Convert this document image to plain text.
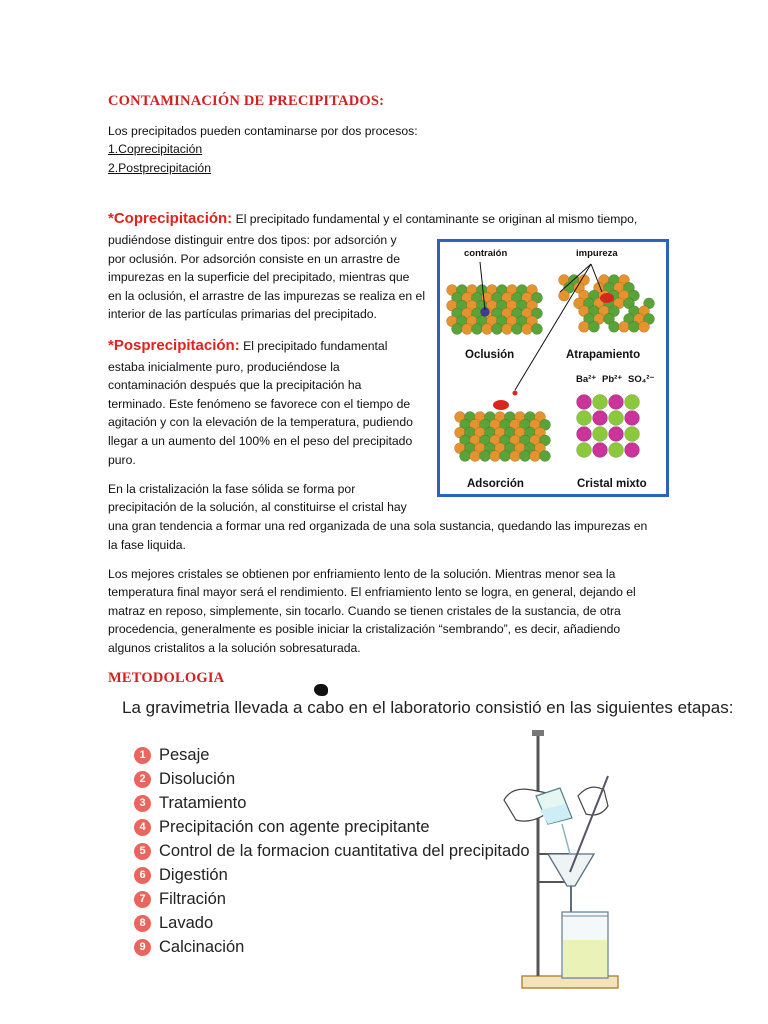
CONTAMINACIÓN DE PRECIPITADOS:
Los precipitados pueden contaminarse por dos procesos:
1.Coprecipitación
2.Postprecipitación
*Coprecipitación: El precipitado fundamental y el contaminante se originan al mismo tiempo,
pudiéndose distinguir entre dos tipos: por adsorción y
por oclusión. Por adsorción consiste en un arrastre de
impurezas en la superficie del precipitado, mientras que
en la oclusión, el arrastre de las impurezas se realiza en el
interior de las partículas primarias del precipitado.
*Posprecipitación: El precipitado fundamental
estaba inicialmente puro, produciéndose la
contaminación después que la precipitación ha
terminado. Este fenómeno se favorece con el tiempo de
agitación y con la elevación de la temperatura, pudiendo
llegar a un aumento del 100% en el peso del precipitado
puro.
En la cristalización la fase sólida se forma por
precipitación de la solución, al constituirse el cristal hay
una gran tendencia a formar una red organizada de una sola sustancia, quedando las impurezas en
la fase liquida.
Los mejores cristales se obtienen por enfriamiento lento de la solución. Mientras menor sea la
temperatura final mayor será el rendimiento. El enfriamiento lento se logra, en general, dejando el
matraz en reposo, simplemente, sin tocarlo. Cuando se tienen cristales de la sustancia, de otra
procedencia, generalmente es posible iniciar la cristalización “sembrando”, es decir, añadiendo
algunos cristalitos a la solución sobresaturada.
contraión	impureza
Oclusión	Atrapamiento
Ba²⁺ Pb²⁺ SO₄²⁻
Adsorción	Cristal mixto
METODOLOGIA
La gravimetria llevada a cabo en el laboratorio consistió en las siguientes etapas:
1 Pesaje
2 Disolución
3 Tratamiento
4 Precipitación con agente precipitante
5 Control de la formacion cuantitativa del precipitado
6 Digestión
7 Filtración
8 Lavado
9 Calcinación
